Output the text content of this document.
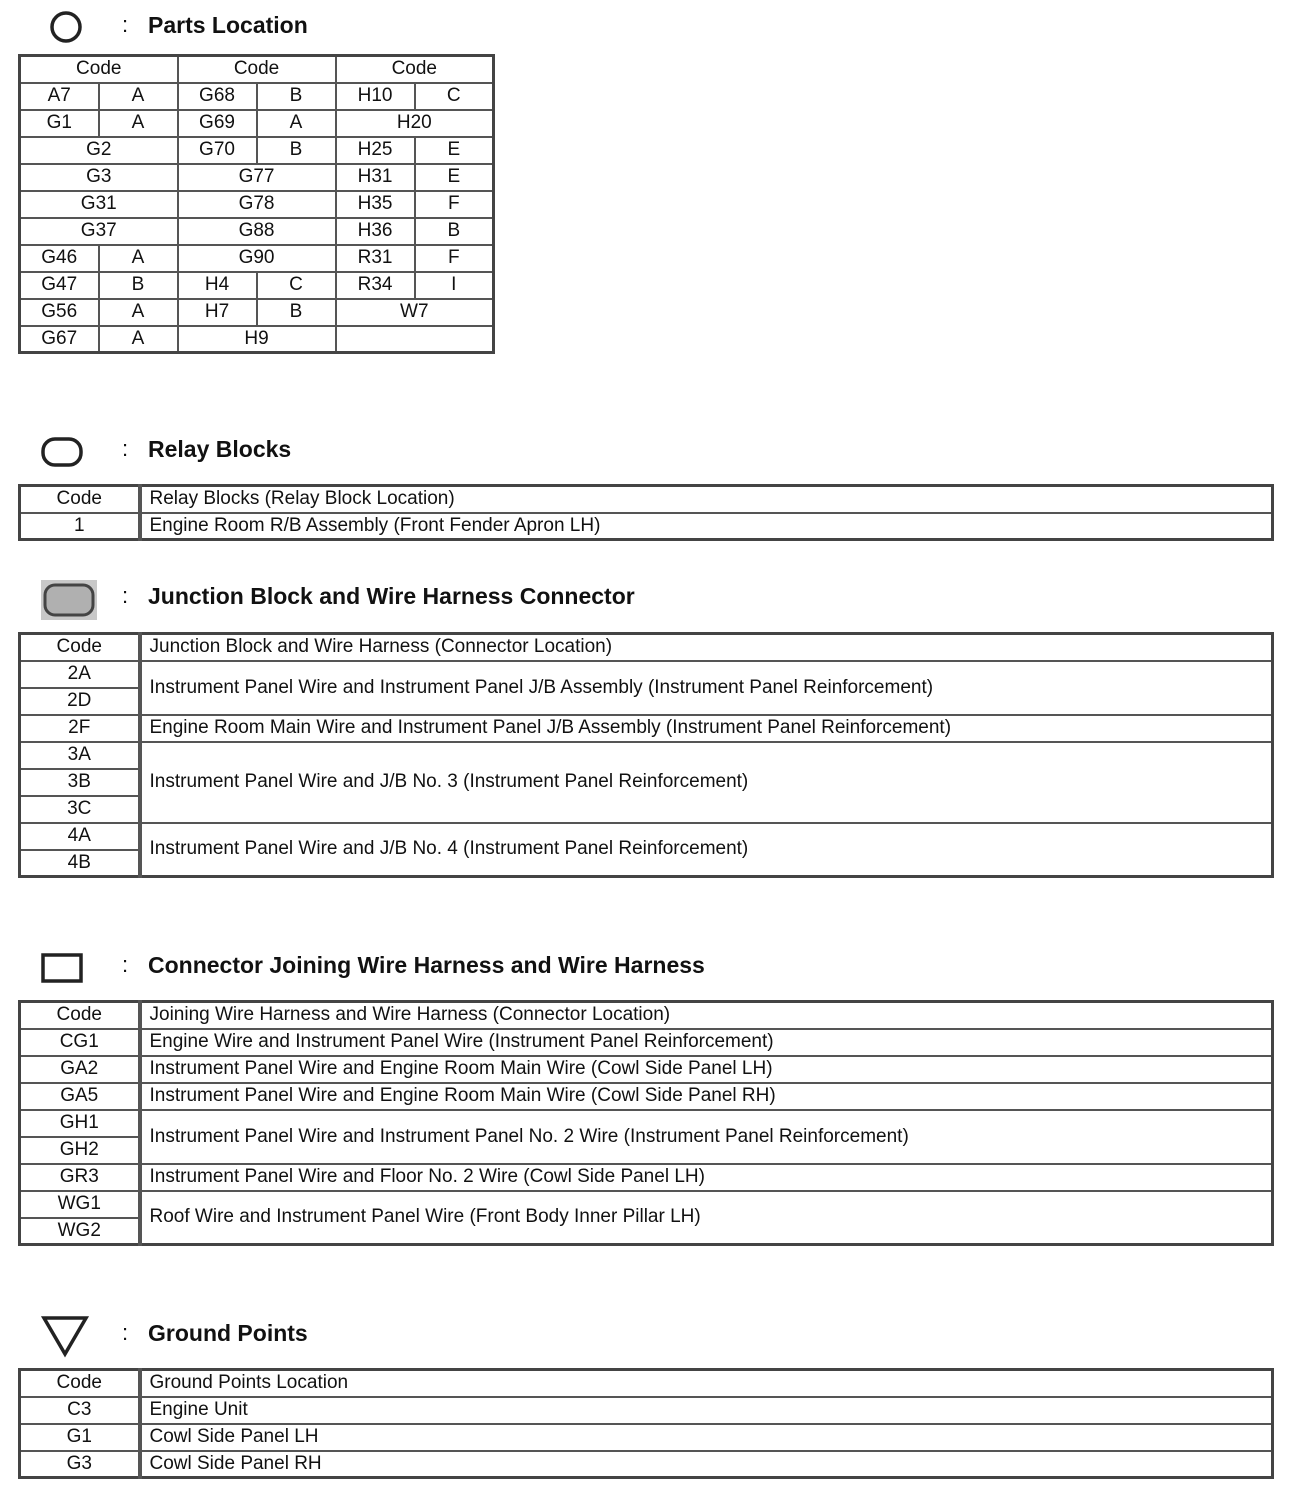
: Parts Location
Code		Code		Code	
A7	A	G68	B	H10	C
G1	A	G69	A	H20	
G2		G70	B	H25	E
G3		G77		H31	E
G31		G78		H35	F
G37		G88		H36	B
G46	A	G90		R31	F
G47	B	H4	C	R34	I
G56	A	H7	B	W7	
G67	A	H9			
: Relay Blocks
Code	Relay Blocks (Relay Block Location)
1	Engine Room R/B Assembly (Front Fender Apron LH)
: Junction Block and Wire Harness Connector
Code	Junction Block and Wire Harness (Connector Location)
2A	Instrument Panel Wire and Instrument Panel J/B Assembly (Instrument Panel Reinforcement)
2D	
2F	Engine Room Main Wire and Instrument Panel J/B Assembly (Instrument Panel Reinforcement)
3A	Instrument Panel Wire and J/B No. 3 (Instrument Panel Reinforcement)
3B	
3C	
4A	Instrument Panel Wire and J/B No. 4 (Instrument Panel Reinforcement)
4B	
: Connector Joining Wire Harness and Wire Harness
Code	Joining Wire Harness and Wire Harness (Connector Location)
CG1	Engine Wire and Instrument Panel Wire (Instrument Panel Reinforcement)
GA2	Instrument Panel Wire and Engine Room Main Wire (Cowl Side Panel LH)
GA5	Instrument Panel Wire and Engine Room Main Wire (Cowl Side Panel RH)
GH1	Instrument Panel Wire and Instrument Panel No. 2 Wire (Instrument Panel Reinforcement)
GH2	
GR3	Instrument Panel Wire and Floor No. 2 Wire (Cowl Side Panel LH)
WG1	Roof Wire and Instrument Panel Wire (Front Body Inner Pillar LH)
WG2	
: Ground Points
Code	Ground Points Location
C3	Engine Unit
G1	Cowl Side Panel LH
G3	Cowl Side Panel RH
